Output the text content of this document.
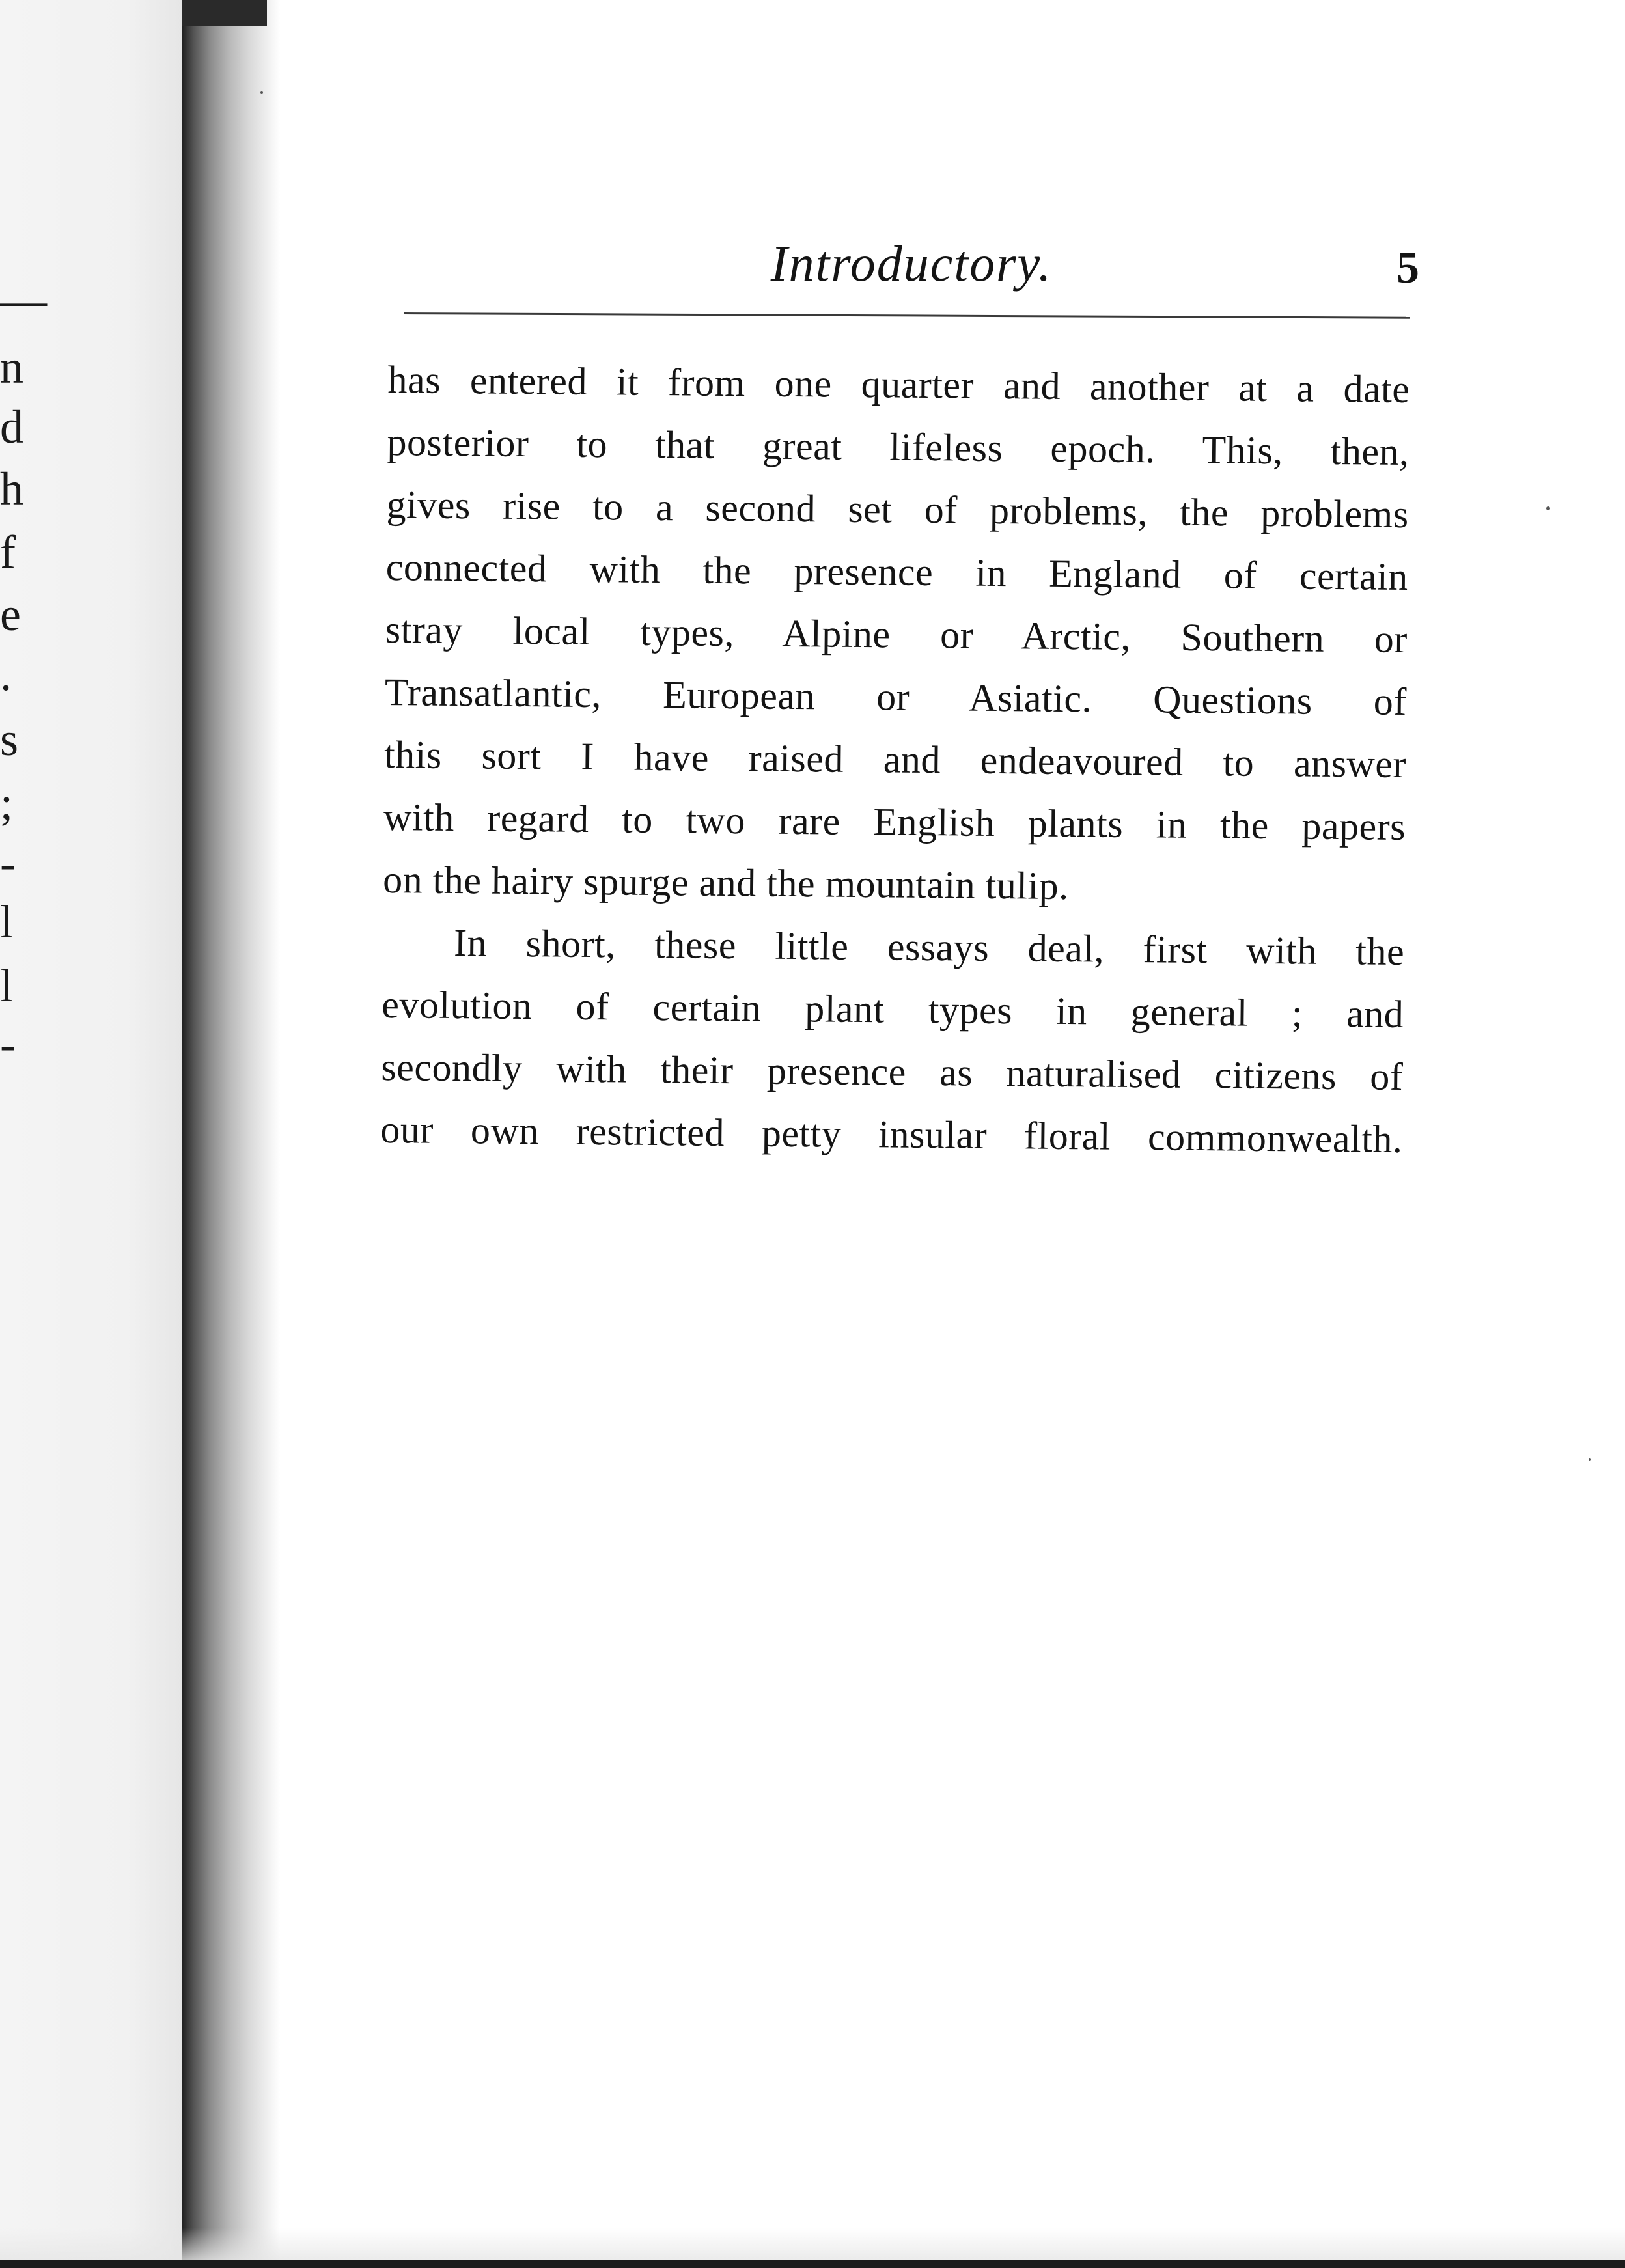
—
n
d
h
f
e
.
s
;
-
l
l
-
Introductory.	5
has entered it from one quarter and another at a date
posterior to that great lifeless epoch. This, then,
gives rise to a second set of problems, the problems
connected with the presence in England of certain
stray local types, Alpine or Arctic, Southern or
Transatlantic, European or Asiatic. Questions of
this sort I have raised and endeavoured to answer
with regard to two rare English plants in the papers
on the hairy spurge and the mountain tulip.
In short, these little essays deal, first with the
evolution of certain plant types in general ; and
secondly with their presence as naturalised citizens of
our own restricted petty insular floral commonwealth.
